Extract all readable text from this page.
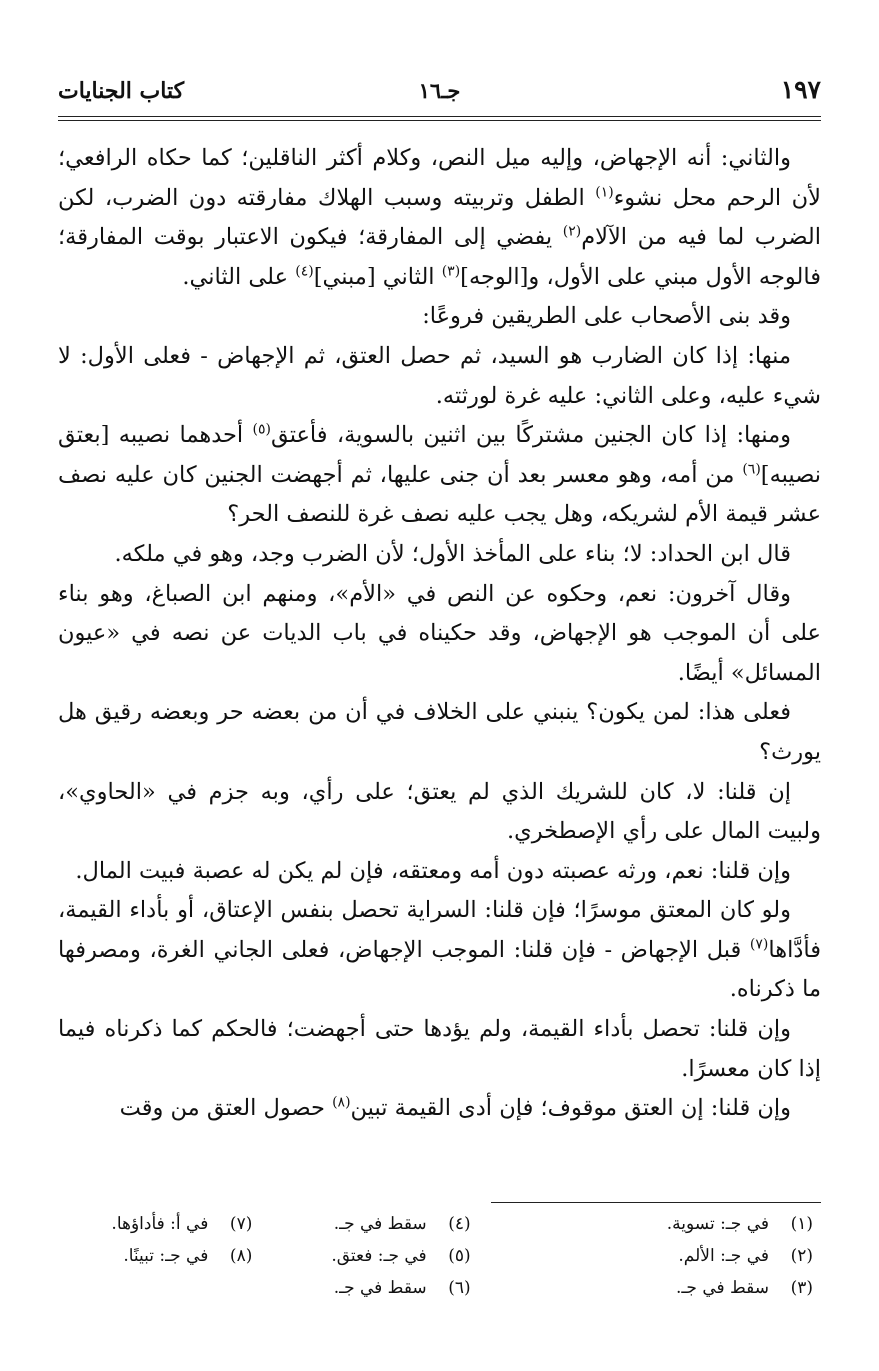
١٩٧
جـ١٦
كتاب الجنايات

والثاني: أنه الإجهاض، وإليه ميل النص، وكلام أكثر الناقلين؛ كما حكاه الرافعي؛ لأن الرحم محل نشوء$^{(١)}$ الطفل وتربيته وسبب الهلاك مفارقته دون الضرب، لكن الضرب لما فيه من الآلام$^{(٢)}$ يفضي إلى المفارقة؛ فيكون الاعتبار بوقت المفارقة؛ فالوجه الأول مبني على الأول، و[الوجه]$^{(٣)}$ الثاني [مبني]$^{(٤)}$ على الثاني.

وقد بنى الأصحاب على الطريقين فروعًا:

منها: إذا كان الضارب هو السيد، ثم حصل العتق، ثم الإجهاض - فعلى الأول: لا شيء عليه، وعلى الثاني: عليه غرة لورثته.

ومنها: إذا كان الجنين مشتركًا بين اثنين بالسوية، فأعتق$^{(٥)}$ أحدهما نصيبه [بعتق نصيبه]$^{(٦)}$ من أمه، وهو معسر بعد أن جنى عليها، ثم أجهضت الجنين كان عليه نصف عشر قيمة الأم لشريكه، وهل يجب عليه نصف غرة للنصف الحر؟

قال ابن الحداد: لا؛ بناء على المأخذ الأول؛ لأن الضرب وجد، وهو في ملكه.

وقال آخرون: نعم، وحكوه عن النص في «الأم»، ومنهم ابن الصباغ، وهو بناء على أن الموجب هو الإجهاض، وقد حكيناه في باب الديات عن نصه في «عيون المسائل» أيضًا.

فعلى هذا: لمن يكون؟ ينبني على الخلاف في أن من بعضه حر وبعضه رقيق هل يورث؟

إن قلنا: لا، كان للشريك الذي لم يعتق؛ على رأي، وبه جزم في «الحاوي»، ولبيت المال على رأي الإصطخري.

وإن قلنا: نعم، ورثه عصبته دون أمه ومعتقه، فإن لم يكن له عصبة فبيت المال.

ولو كان المعتق موسرًا؛ فإن قلنا: السراية تحصل بنفس الإعتاق، أو بأداء القيمة، فأدَّاها$^{(٧)}$ قبل الإجهاض - فإن قلنا: الموجب الإجهاض، فعلى الجاني الغرة، ومصرفها ما ذكرناه.

وإن قلنا: تحصل بأداء القيمة، ولم يؤدها حتى أجهضت؛ فالحكم كما ذكرناه فيما إذا كان معسرًا.

وإن قلنا: إن العتق موقوف؛ فإن أدى القيمة تبين$^{(٨)}$ حصول العتق من وقت

(١)في جـ: تسوية.
(٢)في جـ: الألم.
(٣)سقط في جـ.
(٤)سقط في جـ.
(٥)في جـ: فعتق.
(٦)سقط في جـ.
(٧)في أ: فأداؤها.
(٨)في جـ: تبينًا.
